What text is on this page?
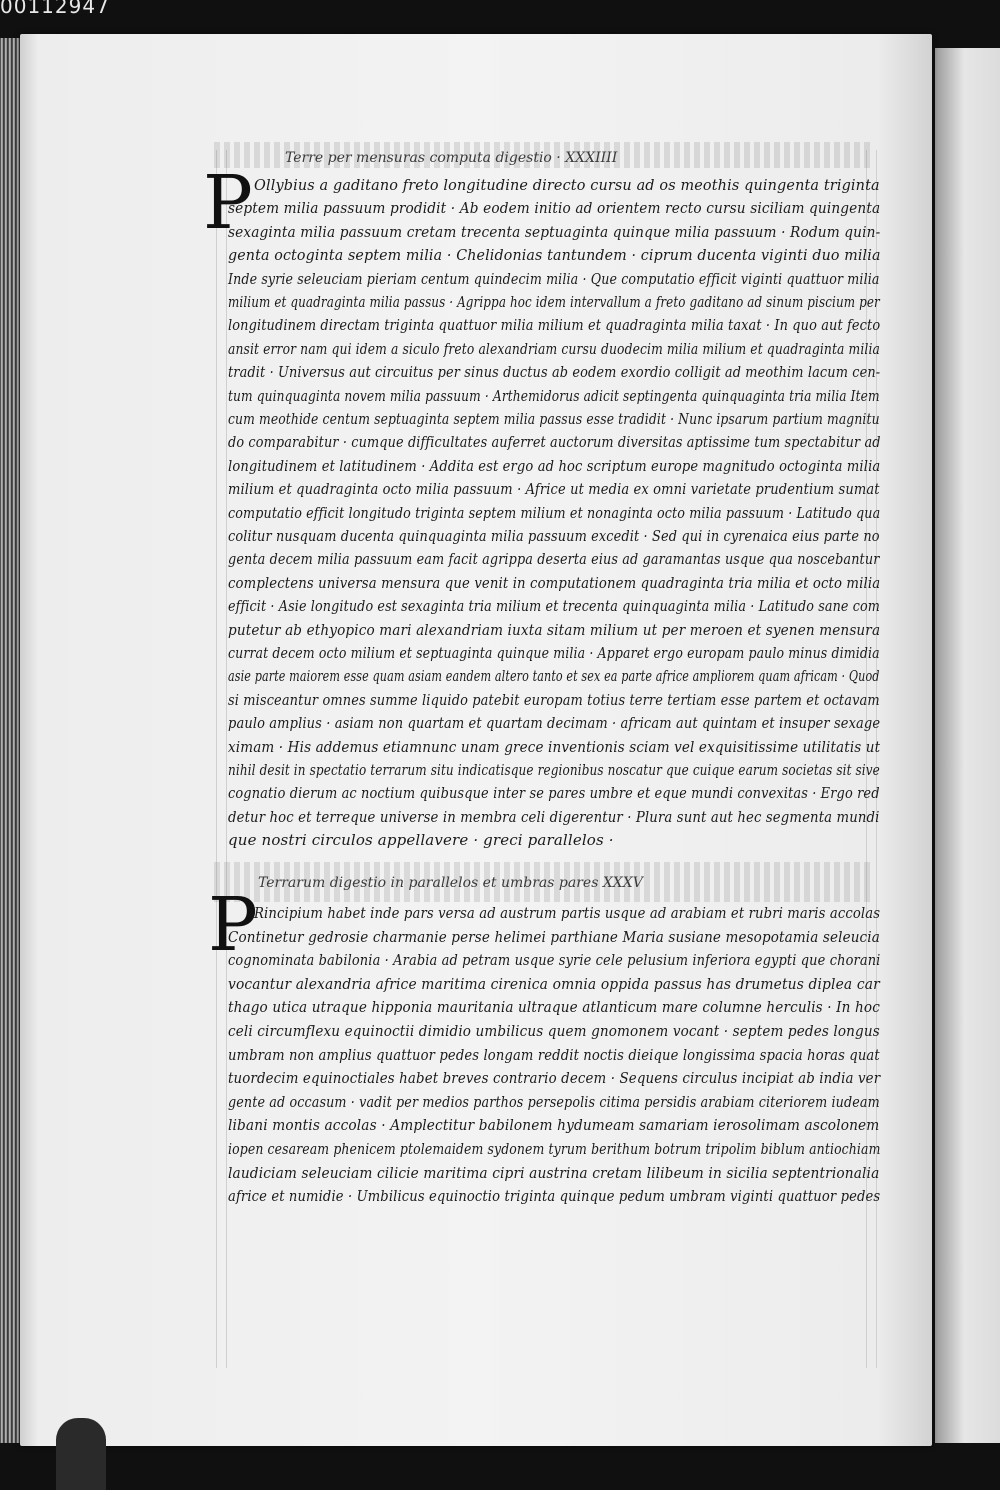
00112947
Terre per mensuras computa digestio · XXXIIII
P Ollybius a gaditano freto longitudine directo cursu ad os meothis quingenta triginta
septem milia passuum prodidit · Ab eodem initio ad orientem recto cursu siciliam quingenta
sexaginta milia passuum cretam trecenta septuaginta quinque milia passuum · Rodum quin-
genta octoginta septem milia · Chelidonias tantundem · ciprum ducenta viginti duo milia
Inde syrie seleuciam pieriam centum quindecim milia · Que computatio efficit viginti quattuor milia
milium et quadraginta milia passus · Agrippa hoc idem intervallum a freto gaditano ad sinum piscium per
longitudinem directam triginta quattuor milia milium et quadraginta milia taxat · In quo aut fecto
ansit error nam qui idem a siculo freto alexandriam cursu duodecim milia milium et quadraginta milia
tradit · Universus aut circuitus per sinus ductus ab eodem exordio colligit ad meothim lacum cen-
tum quinquaginta novem milia passuum · Arthemidorus adicit septingenta quinquaginta tria milia Item
cum meothide centum septuaginta septem milia passus esse tradidit · Nunc ipsarum partium magnitu
do comparabitur · cumque difficultates auferret auctorum diversitas aptissime tum spectabitur ad
longitudinem et latitudinem · Addita est ergo ad hoc scriptum europe magnitudo octoginta milia
milium et quadraginta octo milia passuum · Africe ut media ex omni varietate prudentium sumat
computatio efficit longitudo triginta septem milium et nonaginta octo milia passuum · Latitudo qua
colitur nusquam ducenta quinquaginta milia passuum excedit · Sed qui in cyrenaica eius parte no
genta decem milia passuum eam facit agrippa deserta eius ad garamantas usque qua noscebantur
complectens universa mensura que venit in computationem quadraginta tria milia et octo milia
efficit · Asie longitudo est sexaginta tria milium et trecenta quinquaginta milia · Latitudo sane com
putetur ab ethyopico mari alexandriam iuxta sitam milium ut per meroen et syenen mensura
currat decem octo milium et septuaginta quinque milia · Apparet ergo europam paulo minus dimidia
asie parte maiorem esse quam asiam eandem altero tanto et sex ea parte africe ampliorem quam africam · Quod
si misceantur omnes summe liquido patebit europam totius terre tertiam esse partem et octavam
paulo amplius · asiam non quartam et quartam decimam · africam aut quintam et insuper sexage
ximam · His addemus etiamnunc unam grece inventionis sciam vel exquisitissime utilitatis ut
nihil desit in spectatio terrarum situ indicatisque regionibus noscatur que cuique earum societas sit sive
cognatio dierum ac noctium quibusque inter se pares umbre et eque mundi convexitas · Ergo red
detur hoc et terreque universe in membra celi digerentur · Plura sunt aut hec segmenta mundi
que nostri circulos appellavere · greci parallelos ·
Terrarum digestio in parallelos et umbras pares XXXV
P
Rincipium habet inde pars versa ad austrum partis usque ad arabiam et rubri maris accolas
Continetur gedrosie charmanie perse helimei parthiane Maria susiane mesopotamia seleucia
cognominata babilonia · Arabia ad petram usque syrie cele pelusium inferiora egypti que chorani
vocantur alexandria africe maritima cirenica omnia oppida passus has drumetus diplea car
thago utica utraque hipponia mauritania ultraque atlanticum mare columne herculis · In hoc
celi circumflexu equinoctii dimidio umbilicus quem gnomonem vocant · septem pedes longus
umbram non amplius quattuor pedes longam reddit noctis dieique longissima spacia horas quat
tuordecim equinoctiales habet breves contrario decem · Sequens circulus incipiat ab india ver
gente ad occasum · vadit per medios parthos persepolis citima persidis arabiam citeriorem iudeam
libani montis accolas · Amplectitur babilonem hydumeam samariam ierosolimam ascolonem
iopen cesaream phenicem ptolemaidem sydonem tyrum berithum botrum tripolim biblum antiochiam
laudiciam seleuciam cilicie maritima cipri austrina cretam lilibeum in sicilia septentrionalia
africe et numidie · Umbilicus equinoctio triginta quinque pedum umbram viginti quattuor pedes
